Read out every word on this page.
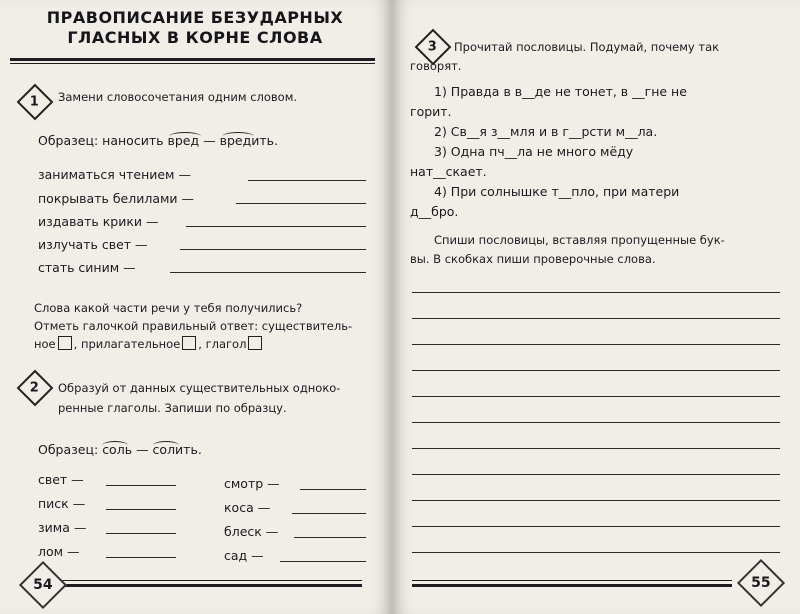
ПРАВОПИСАНИЕ БЕЗУДАРНЫХ
ГЛАСНЫХ В КОРНЕ СЛОВА
1 Замени словосочетания одним словом.
Образец: наносить вред — вредить.
заниматься чтением —
покрывать белилами —
издавать крики —
излучать свет —
стать синим —
Слова какой части речи у тебя получились?
Отметь галочкой правильный ответ: существитель-
ное , прилагательное , глагол
2 Образуй от данных существительных одноко-
ренные глаголы. Запиши по образцу.
Образец: соль — солить.
свет —
писк —
зима —
лом —
смотр —
коса —
блеск —
сад —
54
3 Прочитай пословицы. Подумай, почему так
говорят.
1) Правда в в__де не тонет, в __гне не
горит.
2) Св__я з__мля и в г__рсти м__ла.
3) Одна пч__ла не много мёду
нат__скает.
4) При солнышке т__пло, при матери
д__бро.
Спиши пословицы, вставляя пропущенные бук-
вы. В скобках пиши проверочные слова.
55
